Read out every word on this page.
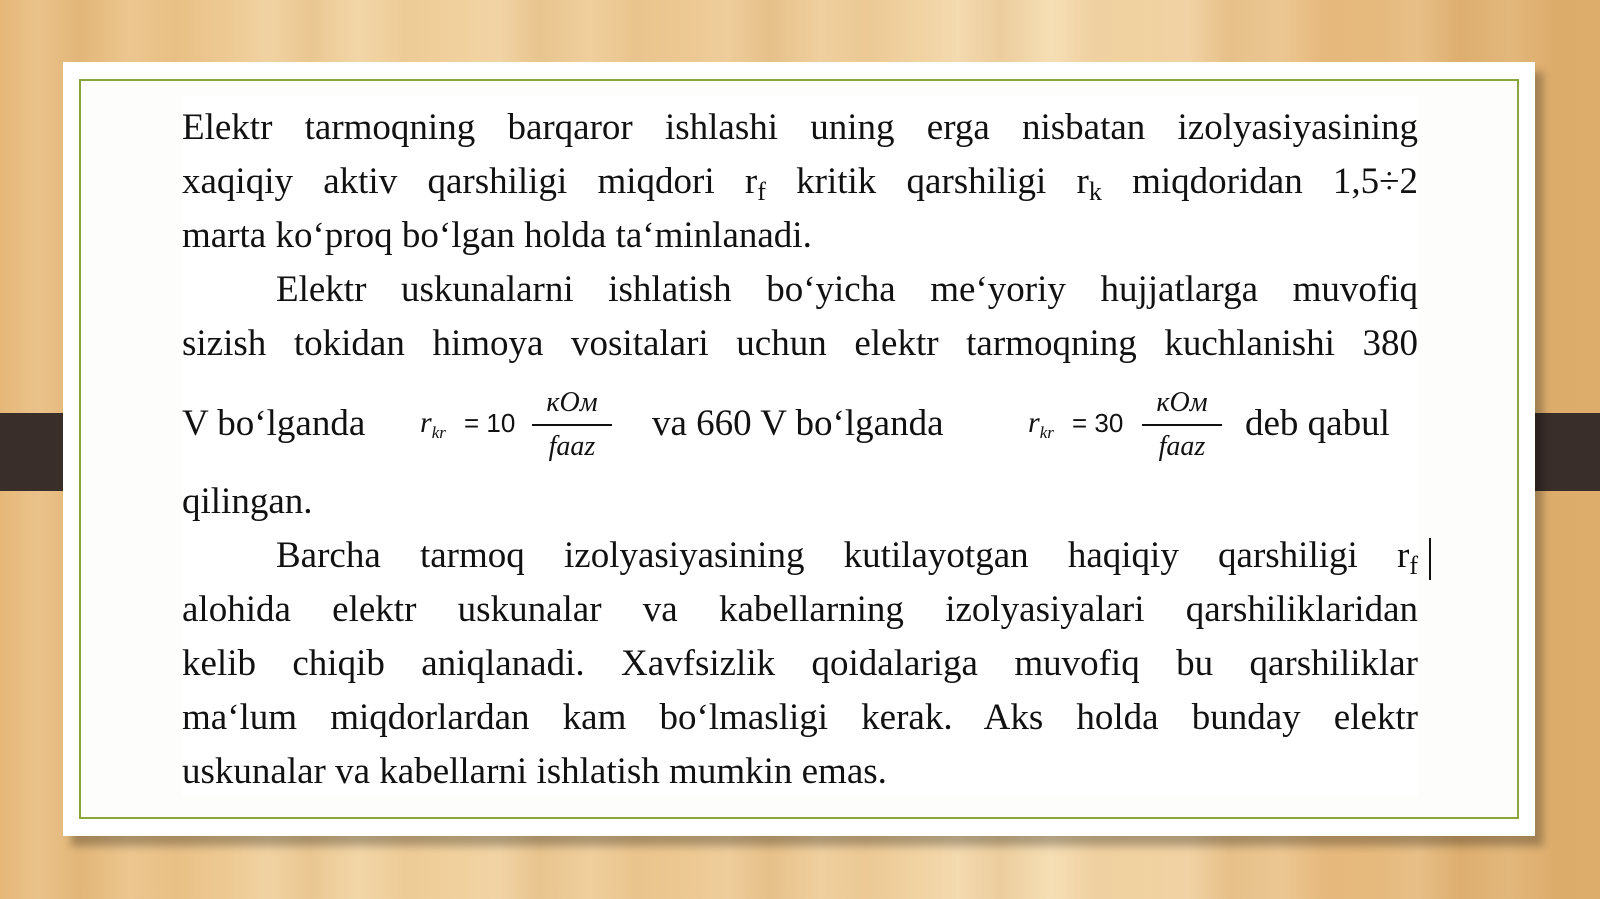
Elektr tarmoqning barqaror ishlashi uning erga nisbatan izolyasiyasining
xaqiqiy aktiv qarshiligi miqdori $r_f$ kritik qarshiligi $r_k$ miqdoridan 1,5÷2
marta ko‘proq bo‘lgan holda ta‘minlanadi.
Elektr uskunalarni ishlatish bo‘yicha me‘yoriy hujjatlarga muvofiq
sizish tokidan himoya vositalari uchun elektr tarmoqning kuchlanishi 380
V bo‘lganda $r_{kr} = 10$
кОм
faaz
va 660 V bo‘lganda	$r_{kr} = 30$
кОм
faaz
deb qabul
qilingan.
Barcha tarmoq izolyasiyasining kutilayotgan haqiqiy qarshiligi $r_f$
alohida elektr uskunalar va kabellarning izolyasiyalari qarshiliklaridan
kelib chiqib aniqlanadi. Xavfsizlik qoidalariga muvofiq bu qarshiliklar
ma‘lum miqdorlardan kam bo‘lmasligi kerak. Aks holda bunday elektr
uskunalar va kabellarni ishlatish mumkin emas.
